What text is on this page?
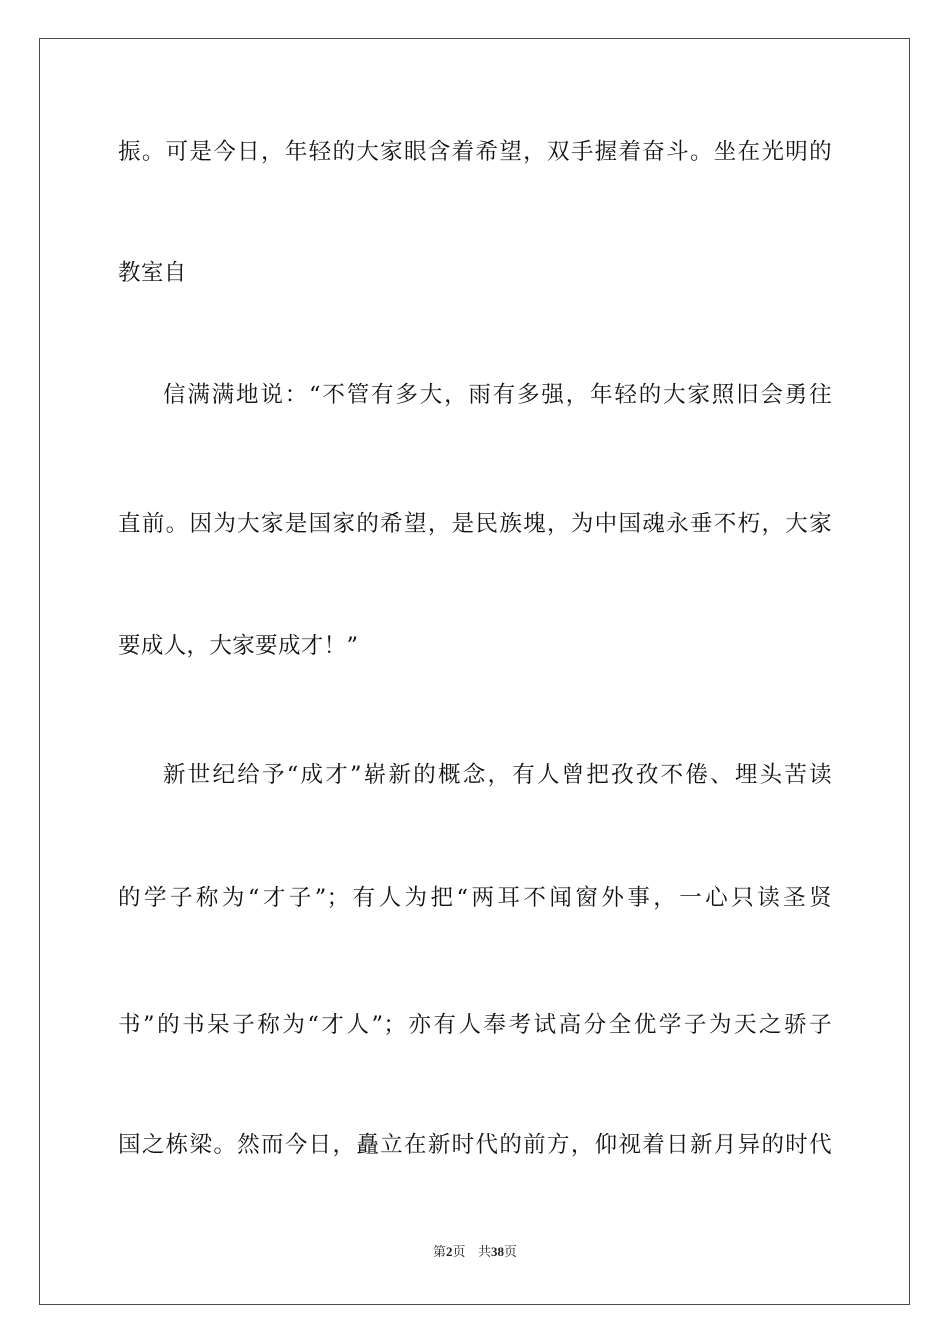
振。可是今日，年轻的大家眼含着希望，双手握着奋斗。坐在光明的
教室自
信满满地说：“不管有多大，雨有多强，年轻的大家照旧会勇往
直前。因为大家是国家的希望，是民族塊，为中国魂永垂不朽，大家
要成人，大家要成才！”
新世纪给予“成才”崭新的概念，有人曾把孜孜不倦、埋头苦读
的学子称为“才子”；有人为把“两耳不闻窗外事，一心只读圣贤
书”的书呆子称为“才人”；亦有人奉考试高分全优学子为天之骄子
国之栋梁。然而今日，矗立在新时代的前方，仰视着日新月异的时代
第2页 共38页
